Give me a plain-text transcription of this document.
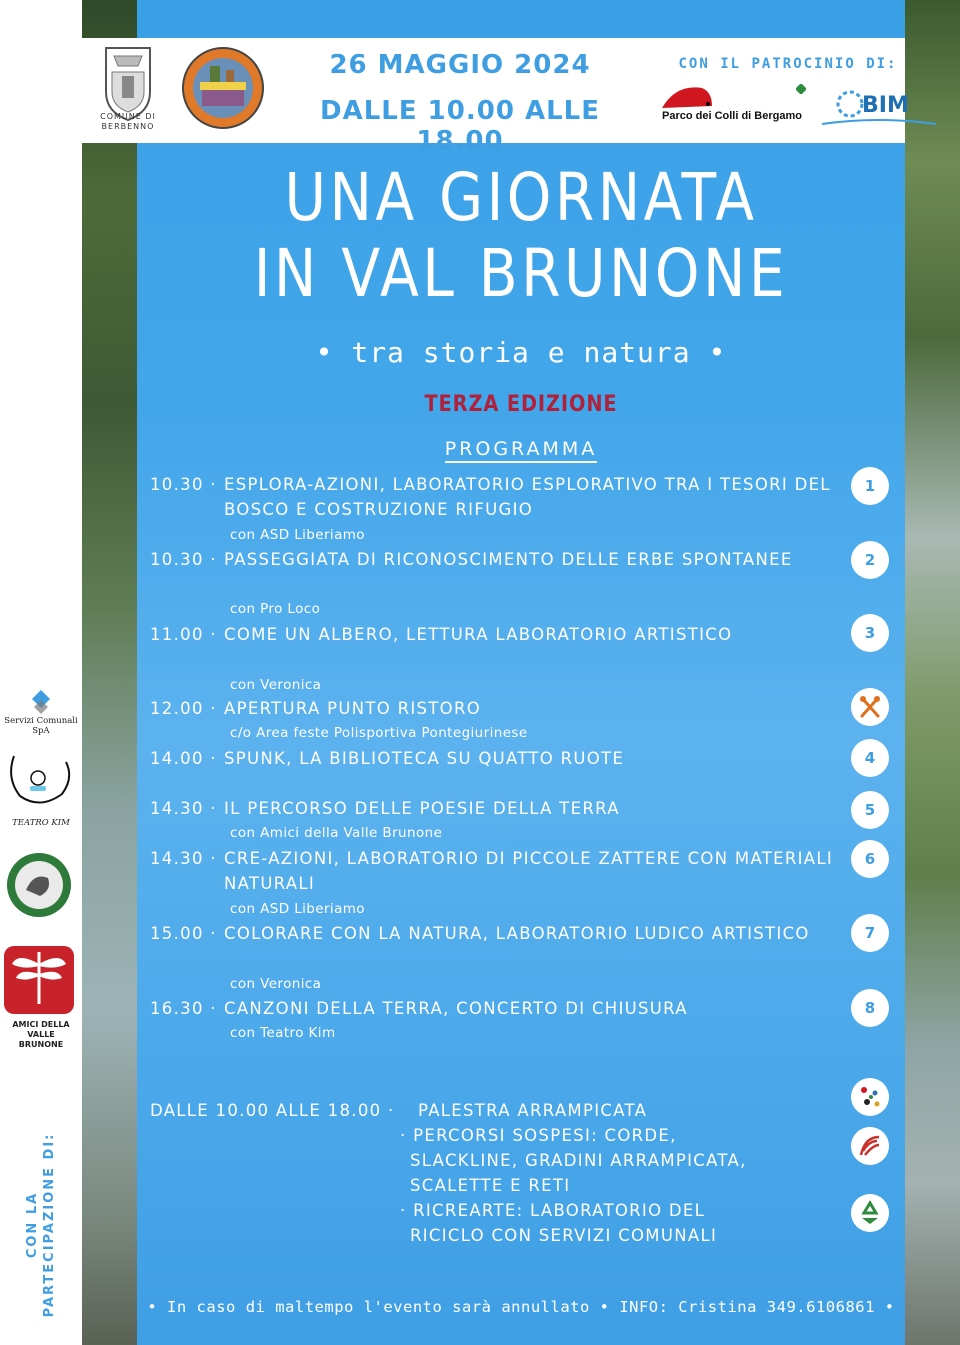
COMUNE DI BERBENNO
26 MAGGIO 2024
DALLE 10.00 ALLE 18.00
CON IL PATROCINIO DI:
Parco dei Colli di Bergamo	BIM
UNA GIORNATA
IN VAL BRUNONE
• tra storia e natura •
TERZA EDIZIONE
PROGRAMMA
10.30 · ESPLORA-AZIONI, LABORATORIO ESPLORATIVO TRA I TESORI DEL BOSCO E COSTRUZIONE RIFUGIO
con ASD Liberiamo
1
10.30 · PASSEGGIATA DI RICONOSCIMENTO DELLE ERBE SPONTANEE
con Pro Loco
2
11.00 · COME UN ALBERO, LETTURA LABORATORIO ARTISTICO
con Veronica
3
12.00 · APERTURA PUNTO RISTORO
c/o Area feste Polisportiva Pontegiurinese
14.00 · SPUNK, LA BIBLIOTECA SU QUATTO RUOTE	4
14.30 · IL PERCORSO DELLE POESIE DELLA TERRA
con Amici della Valle Brunone
5
14.30 · CRE-AZIONI, LABORATORIO DI PICCOLE ZATTERE CON MATERIALI NATURALI
con ASD Liberiamo
6
15.00 · COLORARE CON LA NATURA, LABORATORIO LUDICO ARTISTICO
con Veronica
7
16.30 · CANZONI DELLA TERRA, CONCERTO DI CHIUSURA
con Teatro Kim
8
DALLE 10.00 ALLE 18.00 ·	PALESTRA ARRAMPICATA
· PERCORSI SOSPESI: CORDE,
SLACKLINE, GRADINI ARRAMPICATA,
SCALETTE E RETI
· RICREARTE: LABORATORIO DEL
RICICLO CON SERVIZI COMUNALI
• In caso di maltempo l'evento sarà annullato • INFO: Cristina 349.6106861 •
Servizi Comunali SpA
TEATRO KIM
AMICI DELLA
VALLE
BRUNONE
CON LA PARTECIPAZIONE DI:
